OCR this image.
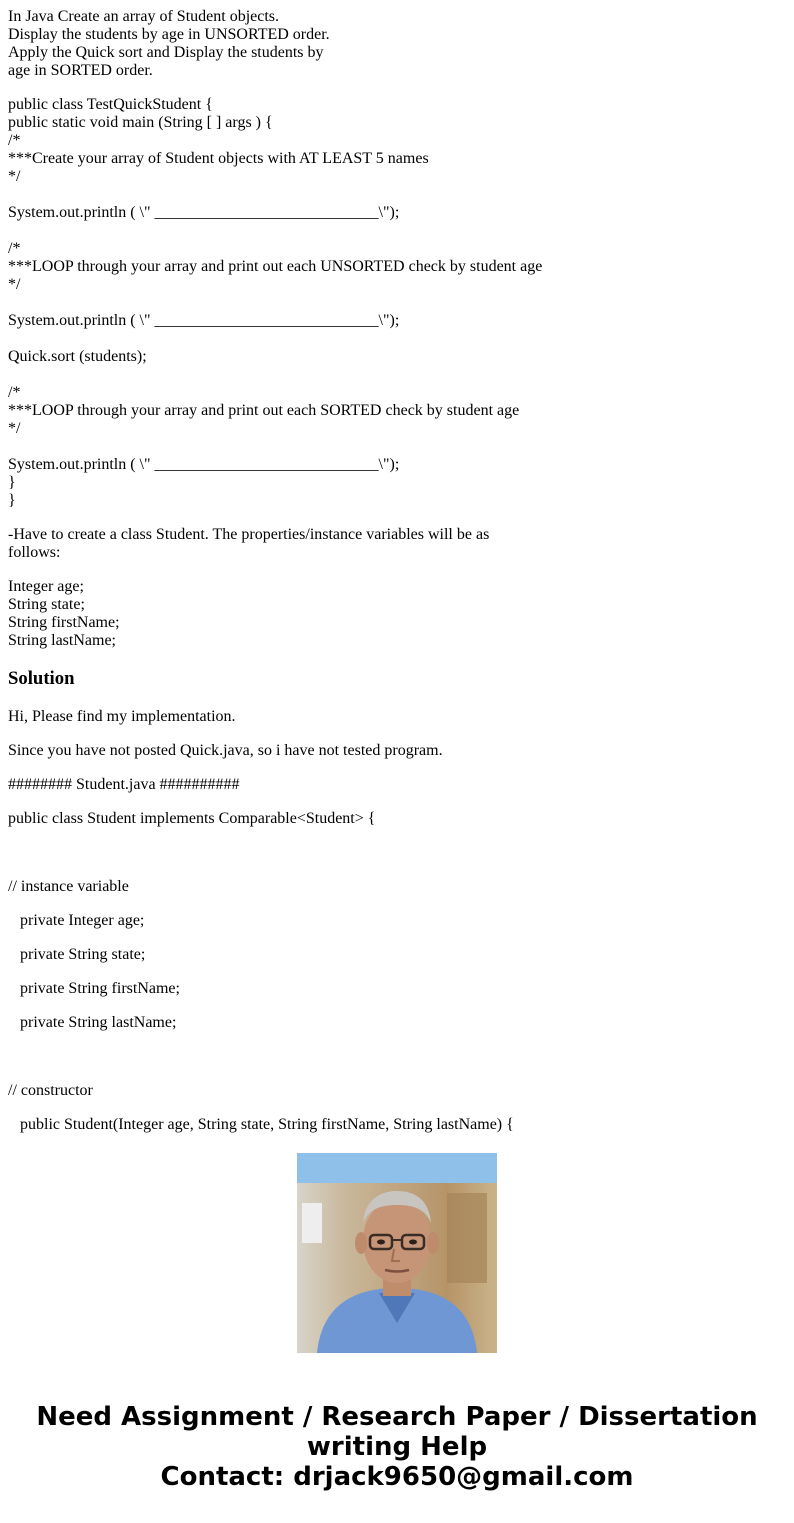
In Java Create an array of Student objects.
Display the students by age in UNSORTED order.
Apply the Quick sort and Display the students by
age in SORTED order.
public class TestQuickStudent {
public static void main (String [ ] args ) {
/*
***Create your array of Student objects with AT LEAST 5 names
*/
System.out.println ( \" ____________________________\");
/*
***LOOP through your array and print out each UNSORTED check by student age
*/
System.out.println ( \" ____________________________\");
Quick.sort (students);
/*
***LOOP through your array and print out each SORTED check by student age
*/
System.out.println ( \" ____________________________\");
}
}
-Have to create a class Student. The properties/instance variables will be as
follows:
Integer age;
String state;
String firstName;
String lastName;
Solution
Hi, Please find my implementation.
Since you have not posted Quick.java, so i have not tested program.
######## Student.java ##########
public class Student implements Comparable<Student> {
// instance variable
private Integer age;
private String state;
private String firstName;
private String lastName;
// constructor
public Student(Integer age, String state, String firstName, String lastName) {
Need Assignment / Research Paper / Dissertation
writing Help
Contact: drjack9650@gmail.com
